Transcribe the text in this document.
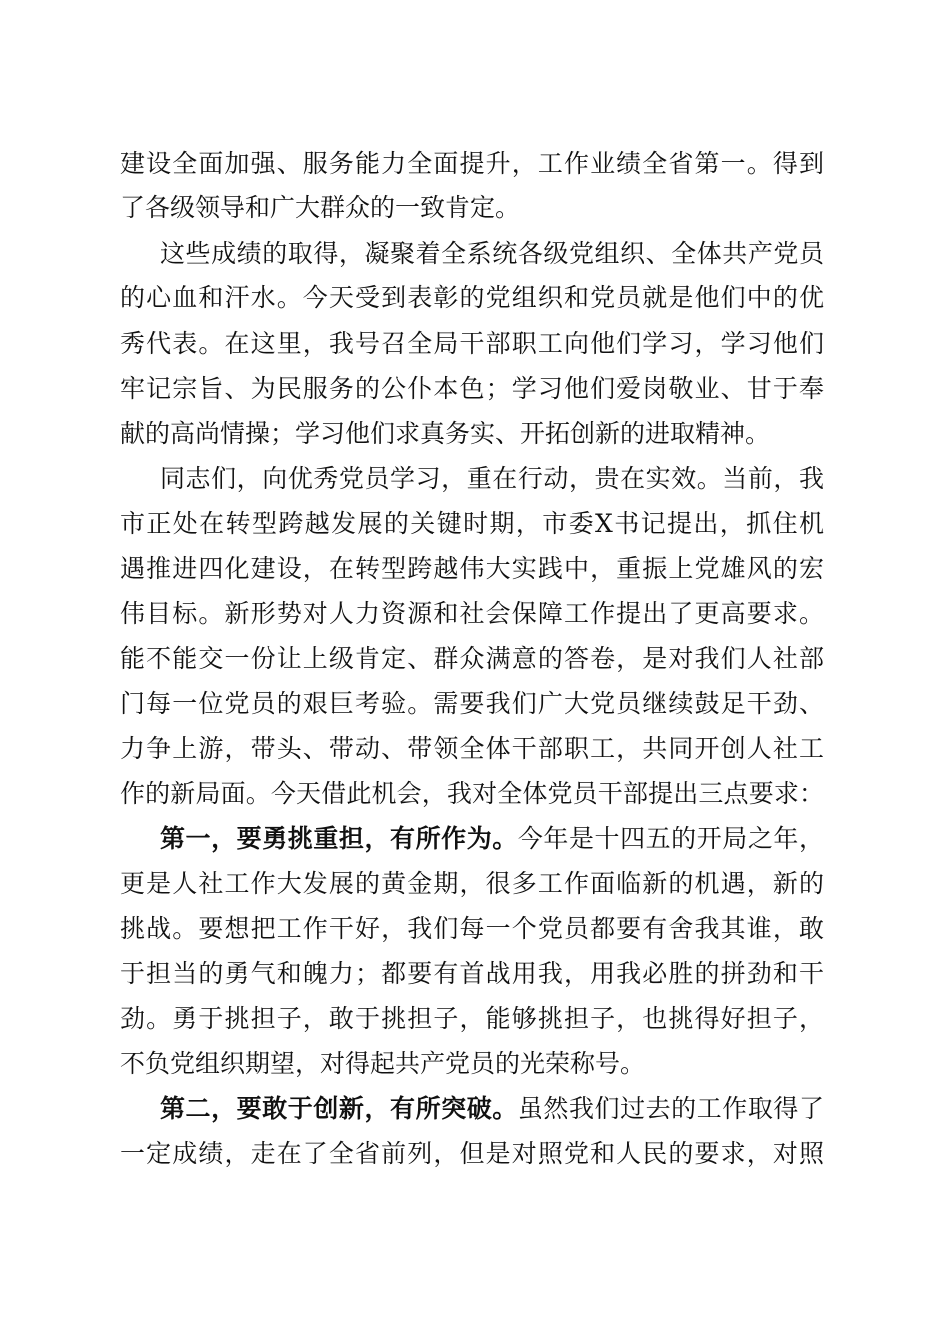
建设全面加强、服务能力全面提升，工作业绩全省第一。得到
了各级领导和广大群众的一致肯定。
这些成绩的取得，凝聚着全系统各级党组织、全体共产党员
的心血和汗水。今天受到表彰的党组织和党员就是他们中的优
秀代表。在这里，我号召全局干部职工向他们学习，学习他们
牢记宗旨、为民服务的公仆本色；学习他们爱岗敬业、甘于奉
献的高尚情操；学习他们求真务实、开拓创新的进取精神。
同志们，向优秀党员学习，重在行动，贵在实效。当前，我
市正处在转型跨越发展的关键时期，市委X书记提出，抓住机
遇推进四化建设，在转型跨越伟大实践中，重振上党雄风的宏
伟目标。新形势对人力资源和社会保障工作提出了更高要求。
能不能交一份让上级肯定、群众满意的答卷，是对我们人社部
门每一位党员的艰巨考验。需要我们广大党员继续鼓足干劲、
力争上游，带头、带动、带领全体干部职工，共同开创人社工
作的新局面。今天借此机会，我对全体党员干部提出三点要求：
第一，要勇挑重担，有所作为。今年是十四五的开局之年，
更是人社工作大发展的黄金期，很多工作面临新的机遇，新的
挑战。要想把工作干好，我们每一个党员都要有舍我其谁，敢
于担当的勇气和魄力；都要有首战用我，用我必胜的拼劲和干
劲。勇于挑担子，敢于挑担子，能够挑担子，也挑得好担子，
不负党组织期望，对得起共产党员的光荣称号。
第二，要敢于创新，有所突破。虽然我们过去的工作取得了
一定成绩，走在了全省前列，但是对照党和人民的要求，对照
